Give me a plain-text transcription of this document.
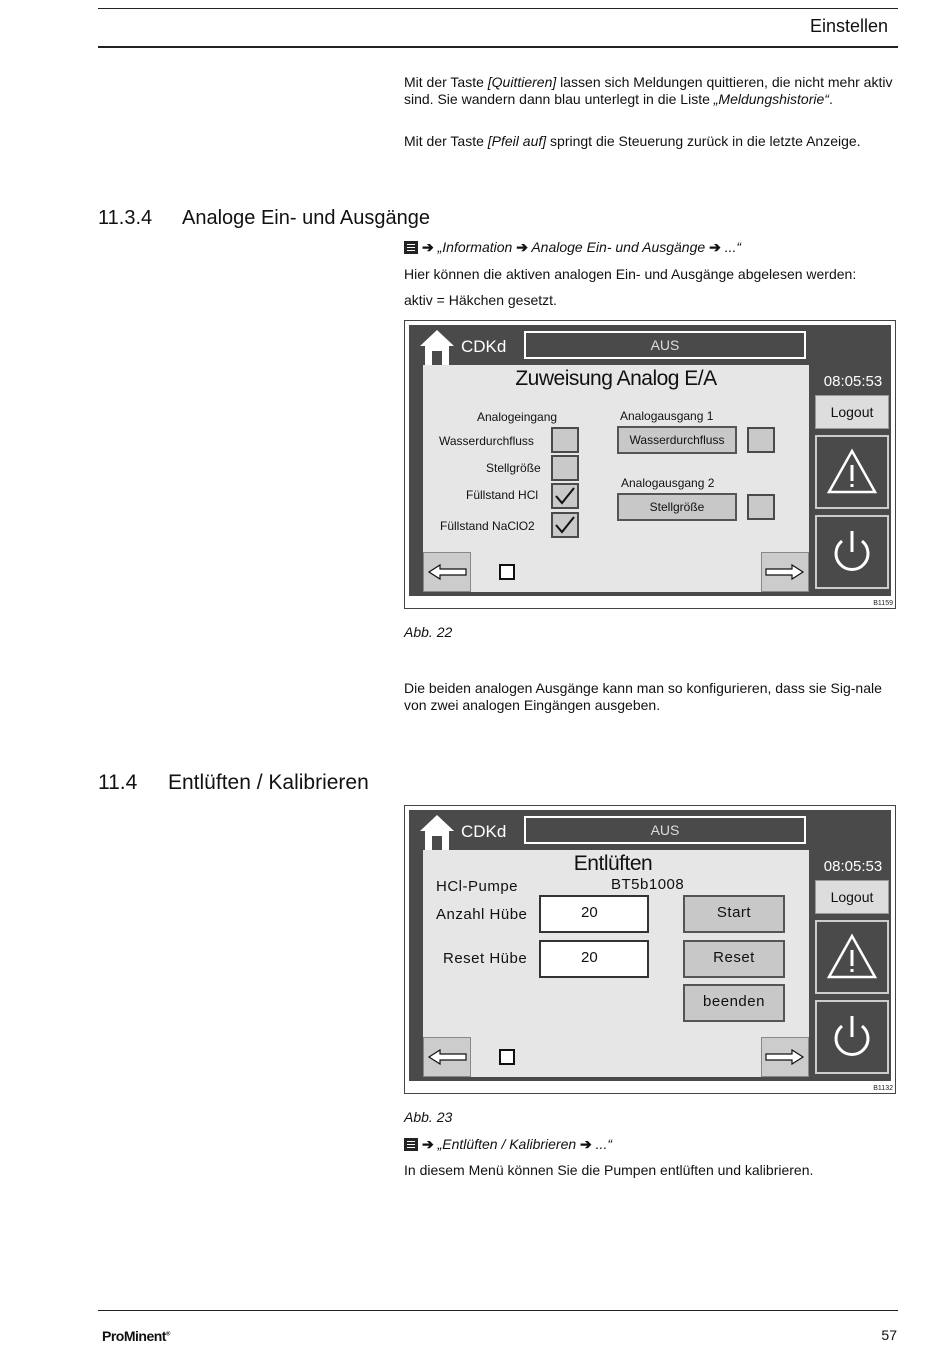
Einstellen
Mit der Taste [Quittieren] lassen sich Meldungen quittieren, die nicht mehr aktiv sind. Sie wandern dann blau unterlegt in die Liste „Meldungshistorie“.
Mit der Taste [Pfeil auf] springt die Steuerung zurück in die letzte Anzeige.
11.3.4 Analoge Ein- und Ausgänge
➔ „Information ➔ Analoge Ein- und Ausgänge ➔ ...“
Hier können die aktiven analogen Ein- und Ausgänge abgelesen werden:
aktiv = Häkchen gesetzt.
CDKd	AUS
08:05:53
Logout
Zuweisung Analog E/A
Analogeingang
Wasserdurchfluss
Stellgröße
Füllstand HCl
Füllstand NaClO2
Analogausgang 1
Wasserdurchfluss
Analogausgang 2
Stellgröße
B1159
Abb. 22
Die beiden analogen Ausgänge kann man so konfigurieren, dass sie Sig-nale von zwei analogen Eingängen ausgeben.
11.4 Entlüften / Kalibrieren
CDKd	AUS
08:05:53
Logout
Entlüften
HCl-Pumpe	BT5b1008
Anzahl Hübe	20	Start
Reset Hübe	20	Reset
beenden
B1132
Abb. 23
➔ „Entlüften / Kalibrieren ➔ ...“
In diesem Menü können Sie die Pumpen entlüften und kalibrieren.
ProMinent®	57
